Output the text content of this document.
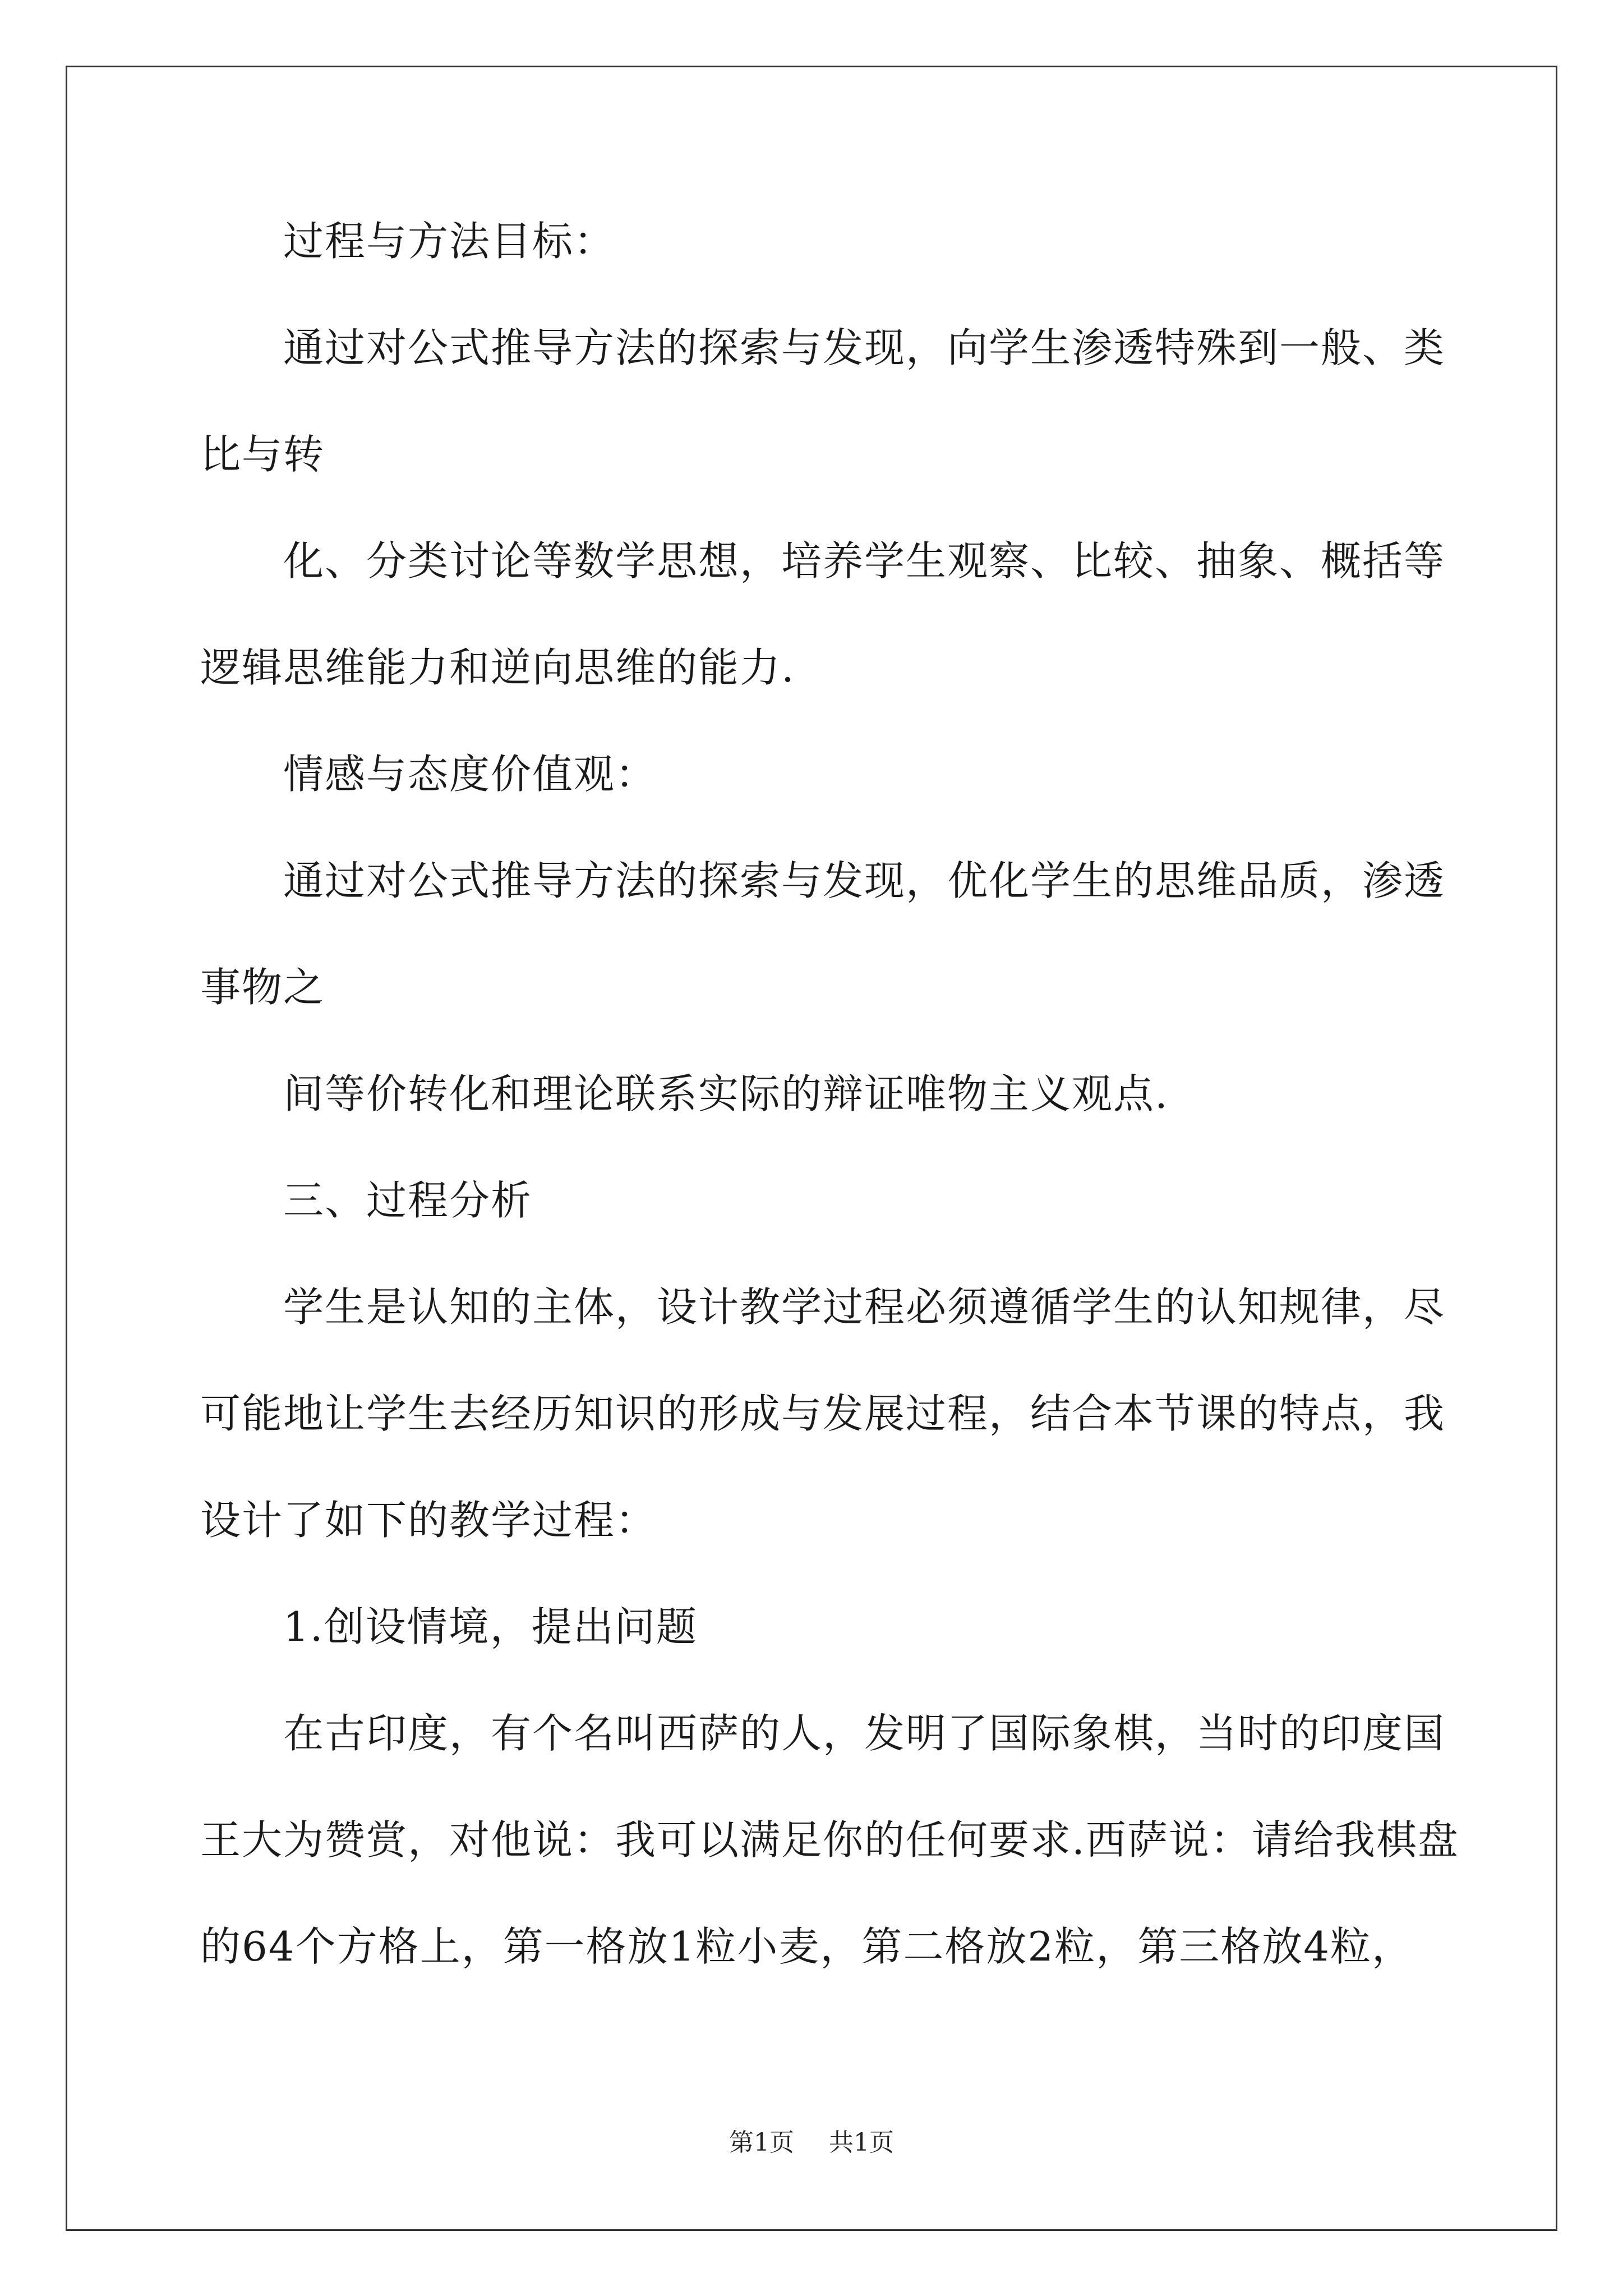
过程与方法目标：
通过对公式推导方法的探索与发现，向学生渗透特殊到一般、类
比与转
化、分类讨论等数学思想，培养学生观察、比较、抽象、概括等
逻辑思维能力和逆向思维的能力.
情感与态度价值观：
通过对公式推导方法的探索与发现，优化学生的思维品质，渗透
事物之
间等价转化和理论联系实际的辩证唯物主义观点.
三、过程分析
学生是认知的主体，设计教学过程必须遵循学生的认知规律，尽
可能地让学生去经历知识的形成与发展过程，结合本节课的特点，我
设计了如下的教学过程：
1.创设情境，提出问题
在古印度，有个名叫西萨的人，发明了国际象棋，当时的印度国
王大为赞赏，对他说：我可以满足你的任何要求.西萨说：请给我棋盘
的64个方格上，第一格放1粒小麦，第二格放2粒，第三格放4粒，
第1页 共1页
